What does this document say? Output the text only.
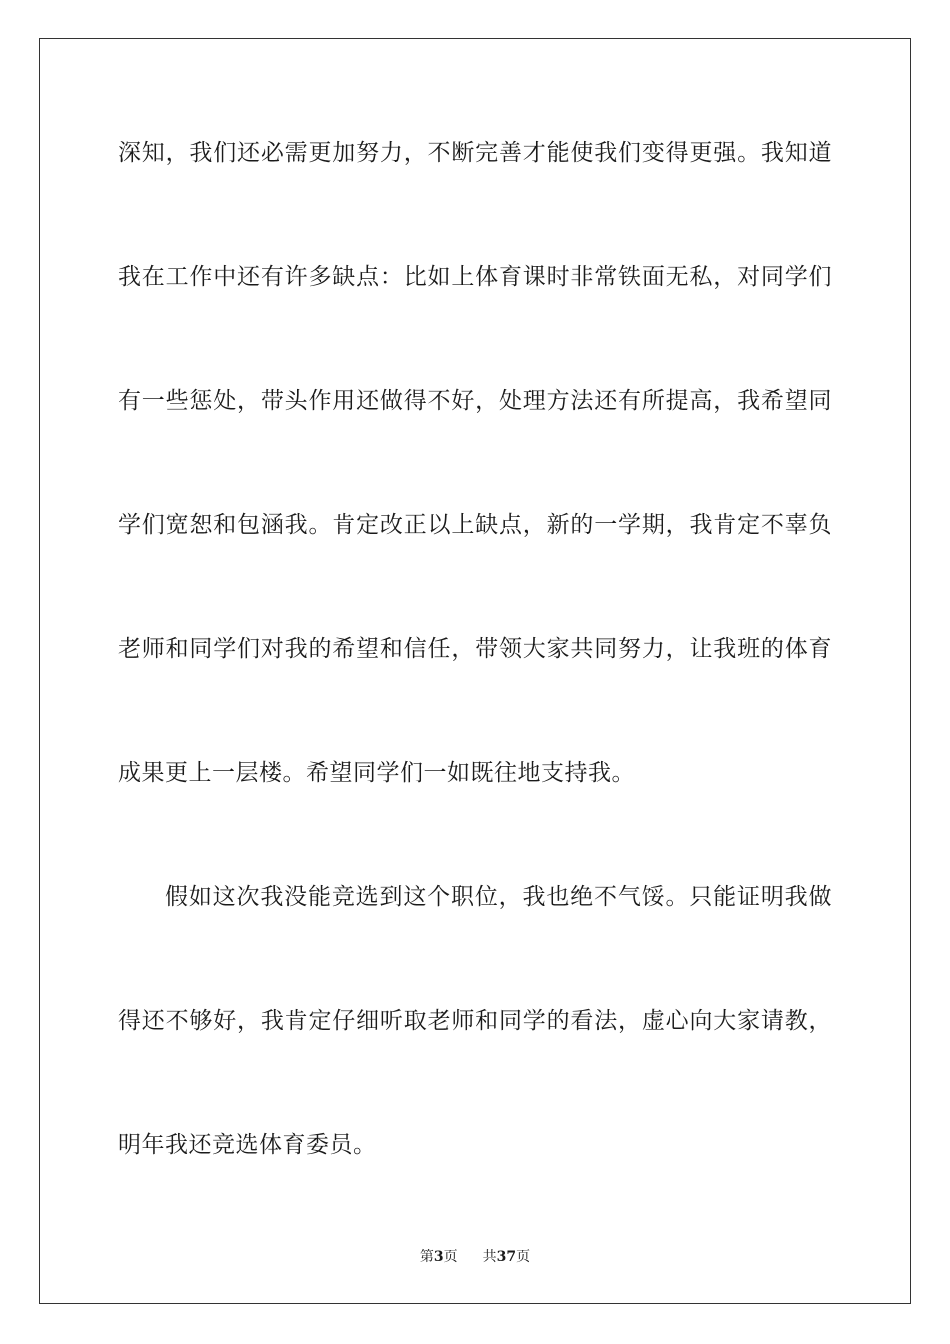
深知，我们还必需更加努力，不断完善才能使我们变得更强。我知道
我在工作中还有许多缺点：比如上体育课时非常铁面无私，对同学们
有一些惩处，带头作用还做得不好，处理方法还有所提高，我希望同
学们宽恕和包涵我。肯定改正以上缺点，新的一学期，我肯定不辜负
老师和同学们对我的希望和信任，带领大家共同努力，让我班的体育
成果更上一层楼。希望同学们一如既往地支持我。
假如这次我没能竞选到这个职位，我也绝不气馁。只能证明我做
得还不够好，我肯定仔细听取老师和同学的看法，虚心向大家请教，
明年我还竞选体育委员。
第3页 共37页
